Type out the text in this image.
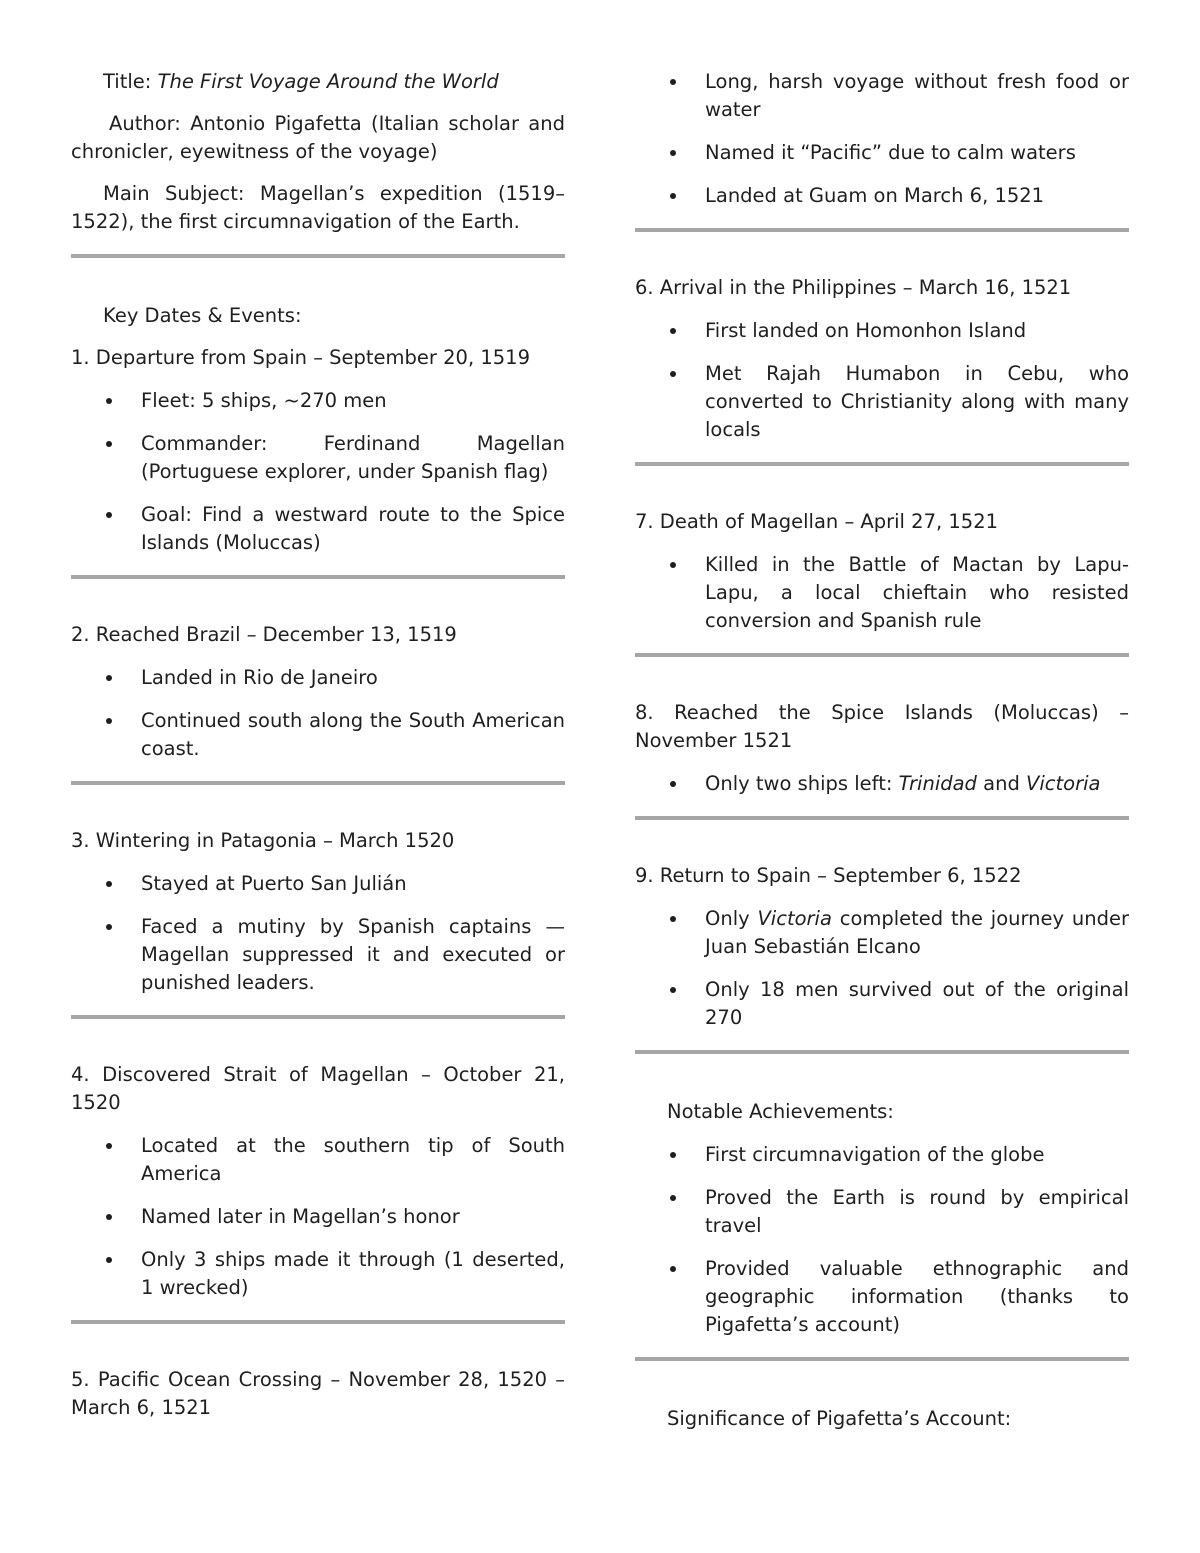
Title: The First Voyage Around the World

Author: Antonio Pigafetta (Italian scholar and chronicler, eyewitness of the voyage)

Main Subject: Magellan’s expedition (1519–1522), the first circumnavigation of the Earth.

Key Dates & Events:

1. Departure from Spain – September 20, 1519

Fleet: 5 ships, ~270 men
Commander: Ferdinand Magellan (Portuguese explorer, under Spanish flag)
Goal: Find a westward route to the Spice Islands (Moluccas)

2. Reached Brazil – December 13, 1519

Landed in Rio de Janeiro
Continued south along the South American coast.

3. Wintering in Patagonia – March 1520

Stayed at Puerto San Julián
Faced a mutiny by Spanish captains — Magellan suppressed it and executed or punished leaders.

4. Discovered Strait of Magellan – October 21, 1520

Located at the southern tip of South America
Named later in Magellan’s honor
Only 3 ships made it through (1 deserted, 1 wrecked)

5. Pacific Ocean Crossing – November 28, 1520 – March 6, 1521

Long, harsh voyage without fresh food or water
Named it “Pacific” due to calm waters
Landed at Guam on March 6, 1521

6. Arrival in the Philippines – March 16, 1521

First landed on Homonhon Island
Met Rajah Humabon in Cebu, who converted to Christianity along with many locals

7. Death of Magellan – April 27, 1521

Killed in the Battle of Mactan by Lapu-Lapu, a local chieftain who resisted conversion and Spanish rule

8. Reached the Spice Islands (Moluccas) – November 1521

Only two ships left: Trinidad and Victoria

9. Return to Spain – September 6, 1522

Only Victoria completed the journey under Juan Sebastián Elcano
Only 18 men survived out of the original 270

Notable Achievements:

First circumnavigation of the globe
Proved the Earth is round by empirical travel
Provided valuable ethnographic and geographic information (thanks to Pigafetta’s account)

Significance of Pigafetta’s Account:
